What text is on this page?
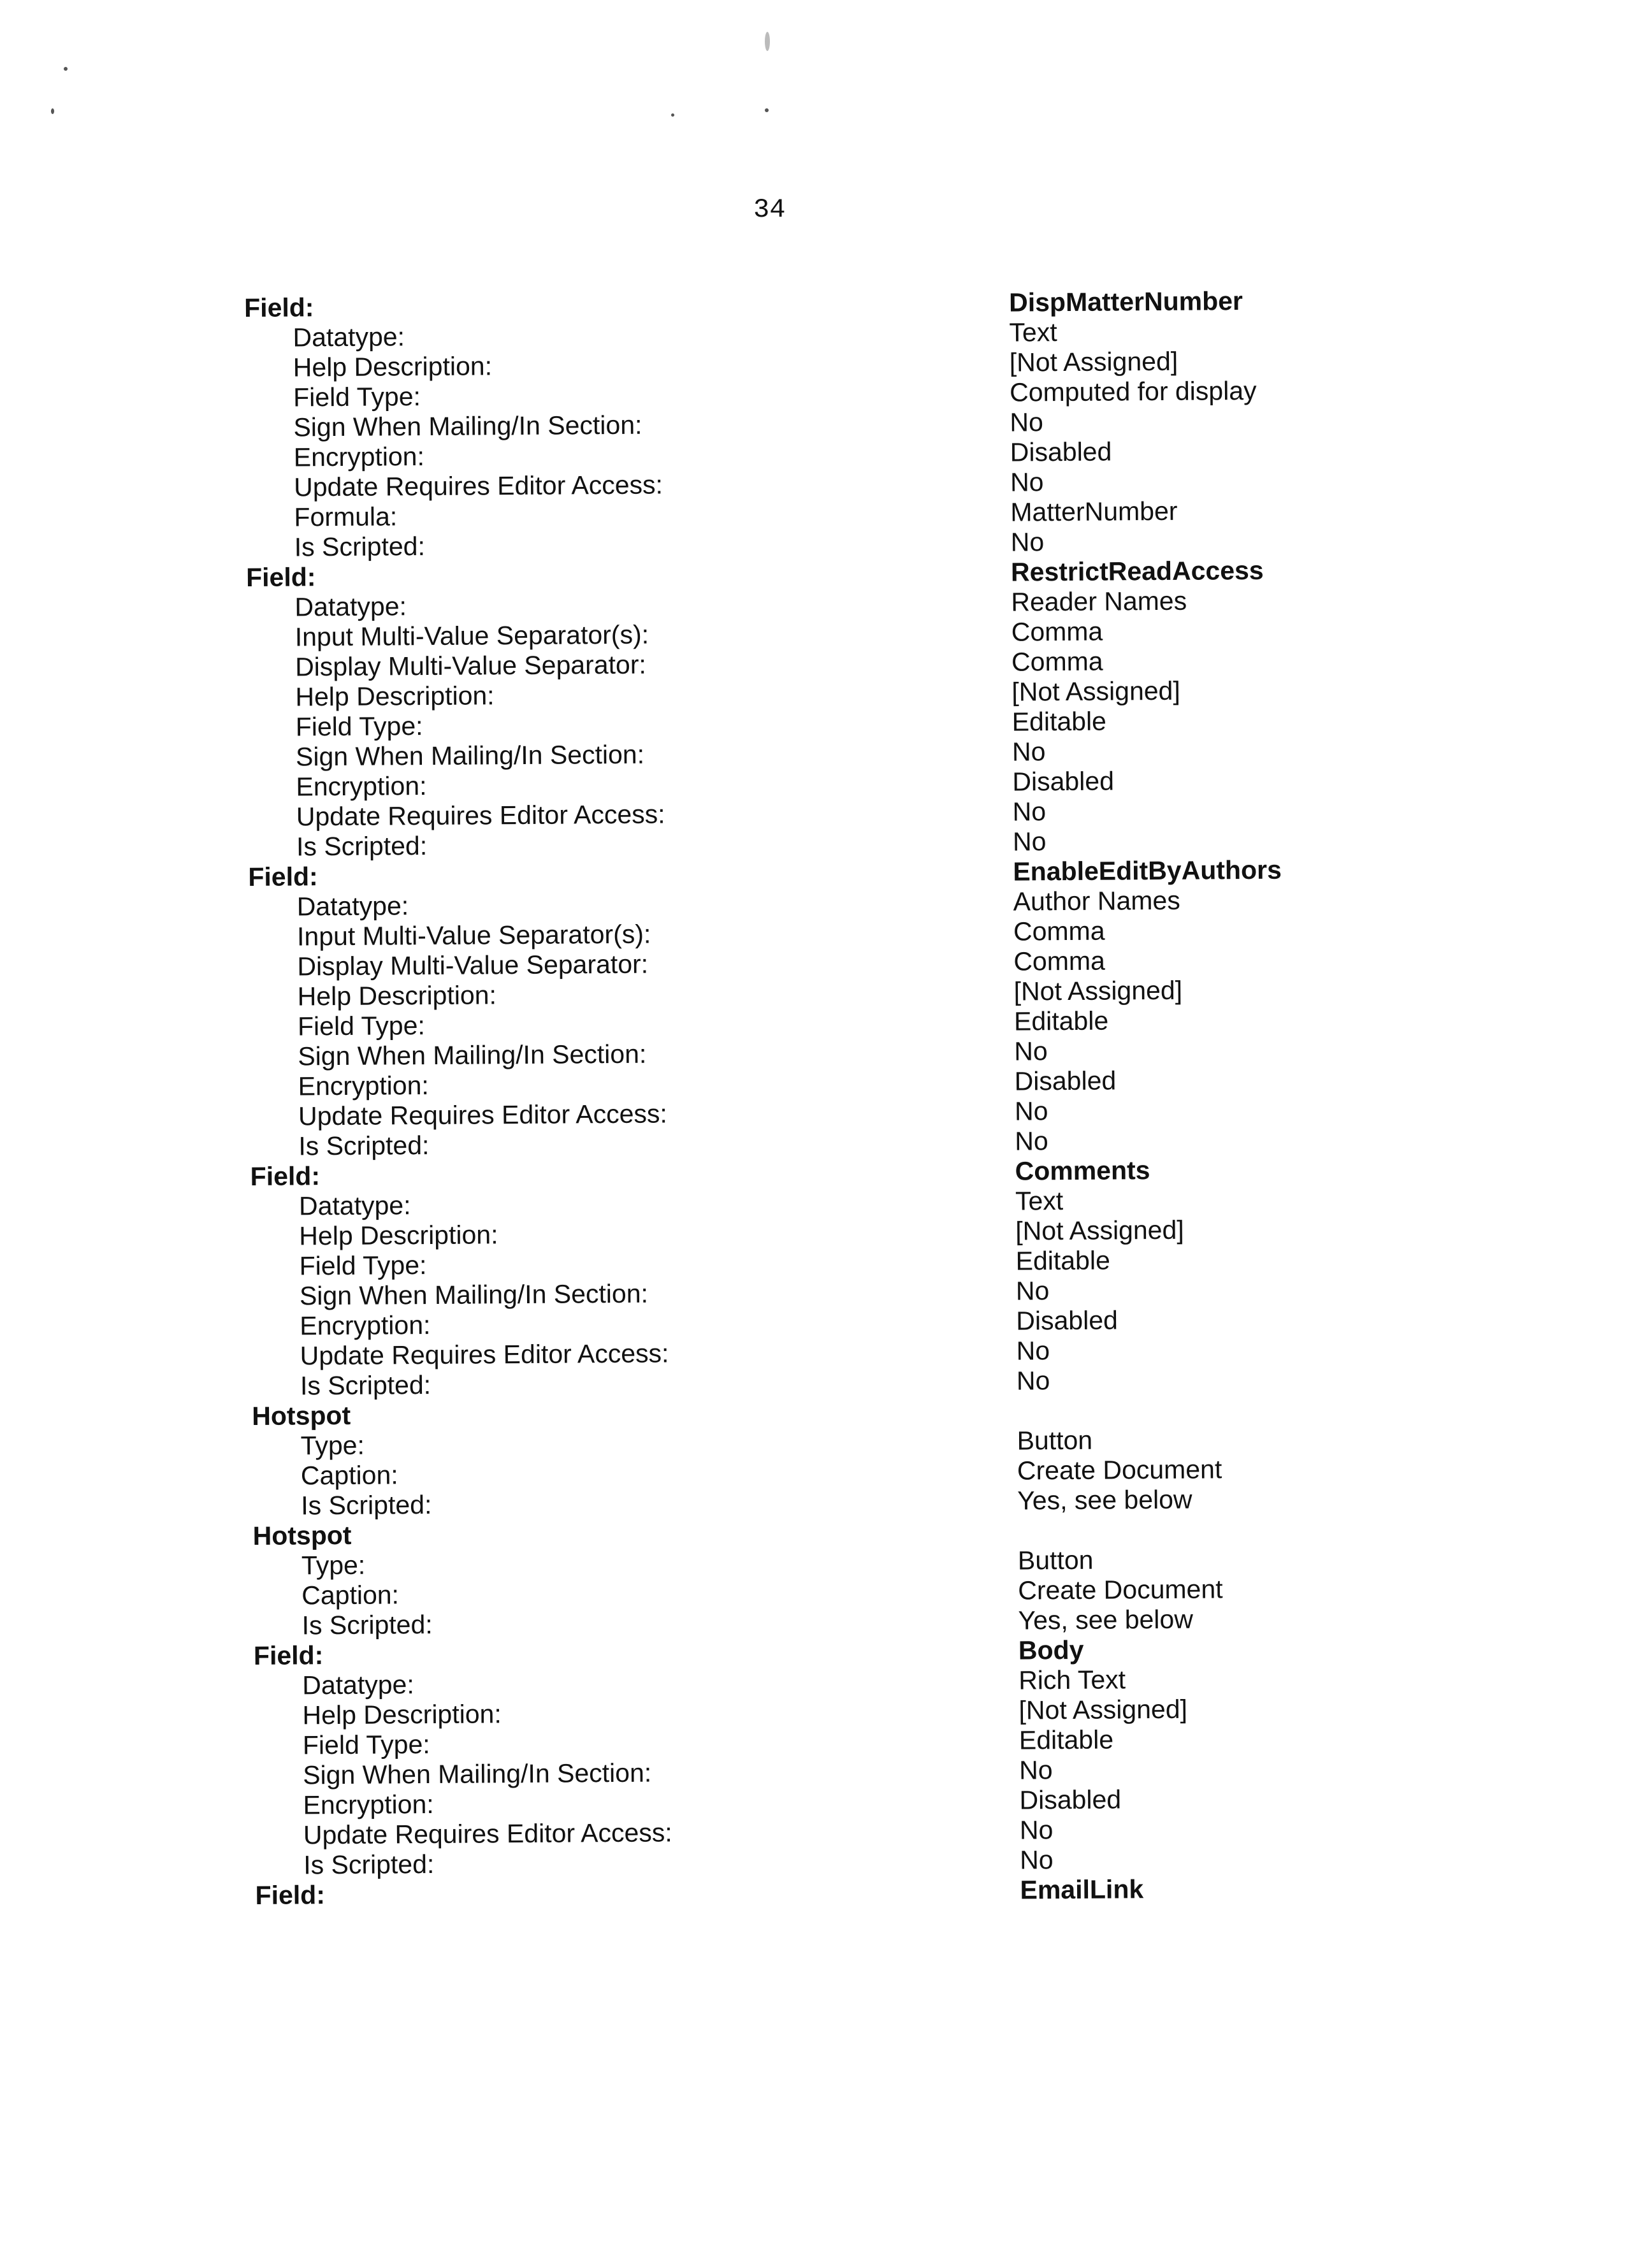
34
Field:	DispMatterNumber
Datatype:	Text
Help Description:	[Not Assigned]
Field Type:	Computed for display
Sign When Mailing/In Section:	No
Encryption:	Disabled
Update Requires Editor Access:	No
Formula:	MatterNumber
Is Scripted:	No
Field:	RestrictReadAccess
Datatype:	Reader Names
Input Multi-Value Separator(s):	Comma
Display Multi-Value Separator:	Comma
Help Description:	[Not Assigned]
Field Type:	Editable
Sign When Mailing/In Section:	No
Encryption:	Disabled
Update Requires Editor Access:	No
Is Scripted:	No
Field:	EnableEditByAuthors
Datatype:	Author Names
Input Multi-Value Separator(s):	Comma
Display Multi-Value Separator:	Comma
Help Description:	[Not Assigned]
Field Type:	Editable
Sign When Mailing/In Section:	No
Encryption:	Disabled
Update Requires Editor Access:	No
Is Scripted:	No
Field:	Comments
Datatype:	Text
Help Description:	[Not Assigned]
Field Type:	Editable
Sign When Mailing/In Section:	No
Encryption:	Disabled
Update Requires Editor Access:	No
Is Scripted:	No
Hotspot
Type:	Button
Caption:	Create Document
Is Scripted:	Yes, see below
Hotspot
Type:	Button
Caption:	Create Document
Is Scripted:	Yes, see below
Field:	Body
Datatype:	Rich Text
Help Description:	[Not Assigned]
Field Type:	Editable
Sign When Mailing/In Section:	No
Encryption:	Disabled
Update Requires Editor Access:	No
Is Scripted:	No
Field:	EmailLink
